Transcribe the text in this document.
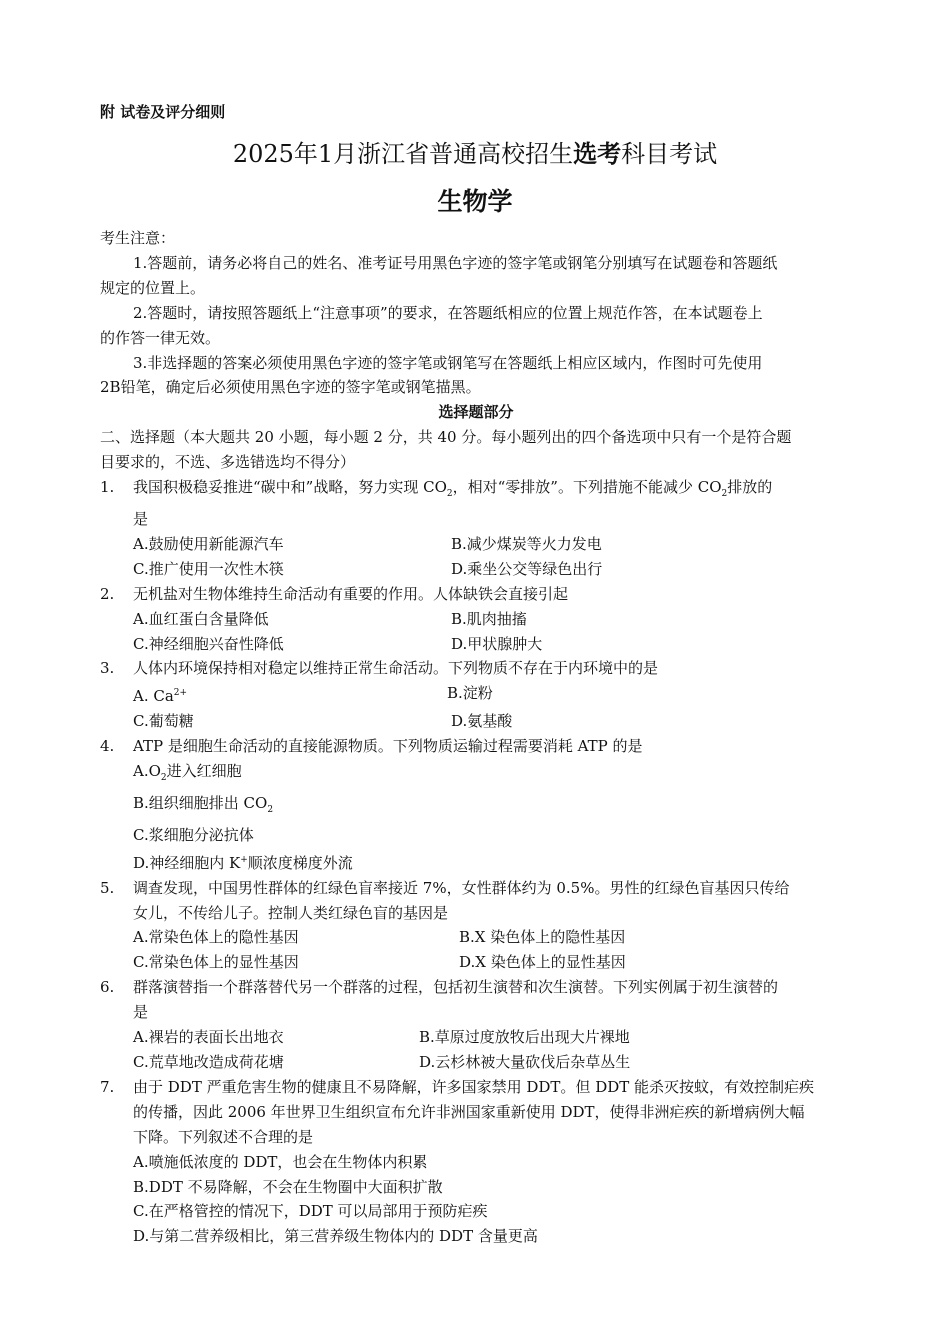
附 试卷及评分细则
2025年1月浙江省普通高校招生选考科目考试
生物学
考生注意：
1.答题前，请务必将自己的姓名、准考证号用黑色字迹的签字笔或钢笔分别填写在试题卷和答题纸
规定的位置上。
2.答题时，请按照答题纸上“注意事项”的要求，在答题纸相应的位置上规范作答，在本试题卷上
的作答一律无效。
3.非选择题的答案必须使用黑色字迹的签字笔或钢笔写在答题纸上相应区域内，作图时可先使用
2B铅笔，确定后必须使用黑色字迹的签字笔或钢笔描黑。
选择题部分
二、选择题（本大题共 20 小题，每小题 2 分，共 40 分。每小题列出的四个备选项中只有一个是符合题
目要求的，不选、多选错选均不得分）
1.	我国积极稳妥推进“碳中和”战略，努力实现 $CO_2$，相对“零排放”。下列措施不能减少 $CO_2$排放的
是
A.鼓励使用新能源汽车	B.减少煤炭等火力发电
C.推广使用一次性木筷	D.乘坐公交等绿色出行
2.	无机盐对生物体维持生命活动有重要的作用。人体缺铁会直接引起
A.血红蛋白含量降低	B.肌肉抽搐
C.神经细胞兴奋性降低	D.甲状腺肿大
3.	人体内环境保持相对稳定以维持正常生命活动。下列物质不存在于内环境中的是
A. $Ca^{2+}$	B.淀粉
C.葡萄糖	D.氨基酸
4.	ATP 是细胞生命活动的直接能源物质。下列物质运输过程需要消耗 ATP 的是
$A.O_2$进入红细胞
B.组织细胞排出 $CO_2$
C.浆细胞分泌抗体
D.神经细胞内 K+顺浓度梯度外流
5.	调查发现，中国男性群体的红绿色盲率接近 7%，女性群体约为 0.5%。男性的红绿色盲基因只传给
女儿，不传给儿子。控制人类红绿色盲的基因是
A.常染色体上的隐性基因	B.X 染色体上的隐性基因
C.常染色体上的显性基因	D.X 染色体上的显性基因
6.	群落演替指一个群落替代另一个群落的过程，包括初生演替和次生演替。下列实例属于初生演替的
是
A.裸岩的表面长出地衣	B.草原过度放牧后出现大片裸地
C.荒草地改造成荷花塘	D.云杉林被大量砍伐后杂草丛生
7.	由于 DDT 严重危害生物的健康且不易降解，许多国家禁用 DDT。但 DDT 能杀灭按蚊，有效控制疟疾
的传播，因此 2006 年世界卫生组织宣布允许非洲国家重新使用 DDT，使得非洲疟疾的新增病例大幅
下降。下列叙述不合理的是
A.喷施低浓度的 DDT，也会在生物体内积累
B.DDT 不易降解，不会在生物圈中大面积扩散
C.在严格管控的情况下，DDT 可以局部用于预防疟疾
D.与第二营养级相比，第三营养级生物体内的 DDT 含量更高
